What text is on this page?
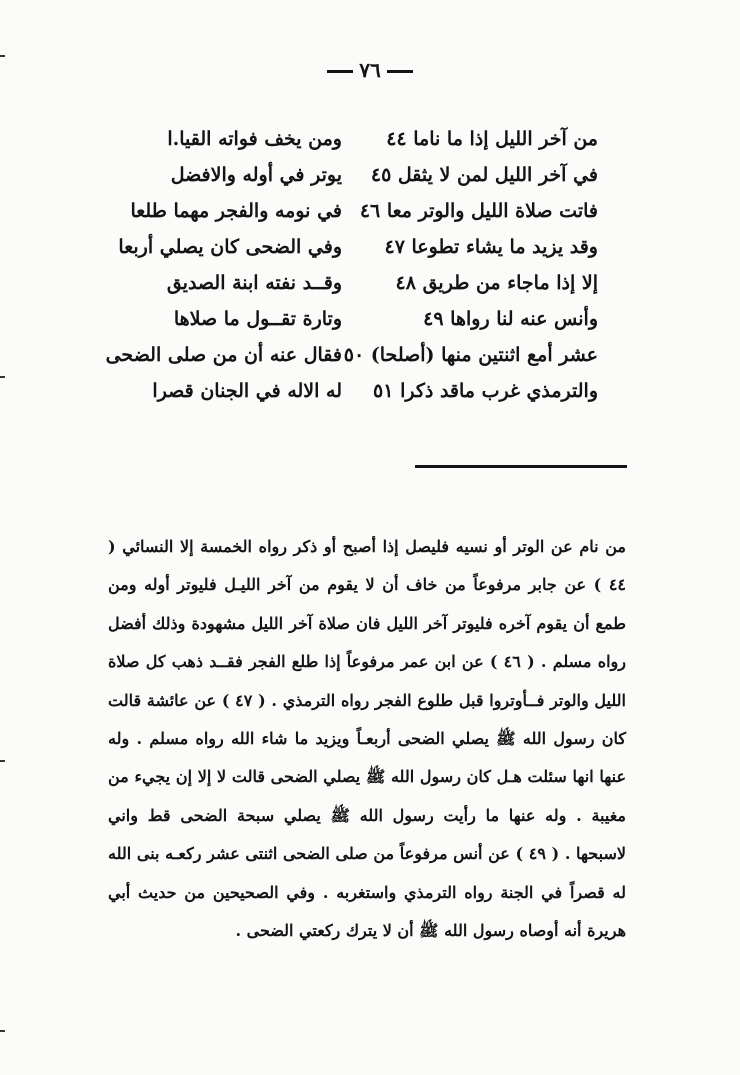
٧٦
من آخر الليل إذا ما ناما ٤٤
ومن يخف فواته القيا.ا
في آخر الليل لمن لا يثقل ٤٥
يوتر في أوله والافضل
فاتت صلاة الليل والوتر معا ٤٦
في نومه والفجر مهما طلعا
وقد يزيد ما يشاء تطوعا ٤٧
وفي الضحى كان يصلي أربعا
إلا إذا ماجاء من طريق ٤٨
وقــد نفته ابنة الصديق
وأنس عنه لنا رواها ٤٩
وتارة تقــول ما صلاها
عشر أمع اثنتين منها (أصلحا) ٥٠
فقال عنه أن من صلى الضحى
والترمذي غرب ماقد ذكرا ٥١
له الاله في الجنان قصرا

من نام عن الوتر أو نسيه فليصل إذا أصبح أو ذكر رواه الخمسة إلا النسائي ( ٤٤ ) عن جابر مرفوعاً من خاف أن لا يقوم من آخر الليـل فليوتر أوله ومن طمع أن يقوم آخره فليوتر آخر الليل فان صلاة آخر الليل مشهودة وذلك أفضل رواه مسلم . ( ٤٦ ) عن ابن عمر مرفوعاً إذا طلع الفجر فقــد ذهب كل صلاة الليل والوتر فــأوتروا قبل طلوع الفجر رواه الترمذي . ( ٤٧ ) عن عائشة قالت كان رسول الله ﷺ يصلي الضحى أربعـاً ويزيد ما شاء الله رواه مسلم . وله عنها انها سئلت هـل كان رسول الله ﷺ يصلي الضحى قالت لا إلا إن يجيء من مغيبة . وله عنها ما رأيت رسول الله ﷺ يصلي سبحة الضحى قط واني لاسبحها . ( ٤٩ ) عن أنس مرفوعاً من صلى الضحى اثنتى عشر ركعـه بنى الله له قصراً في الجنة رواه الترمذي واستغربه . وفي الصحيحين من حديث أبي هريرة أنه أوصاه رسول الله ﷺ أن لا يترك ركعتي الضحى .
